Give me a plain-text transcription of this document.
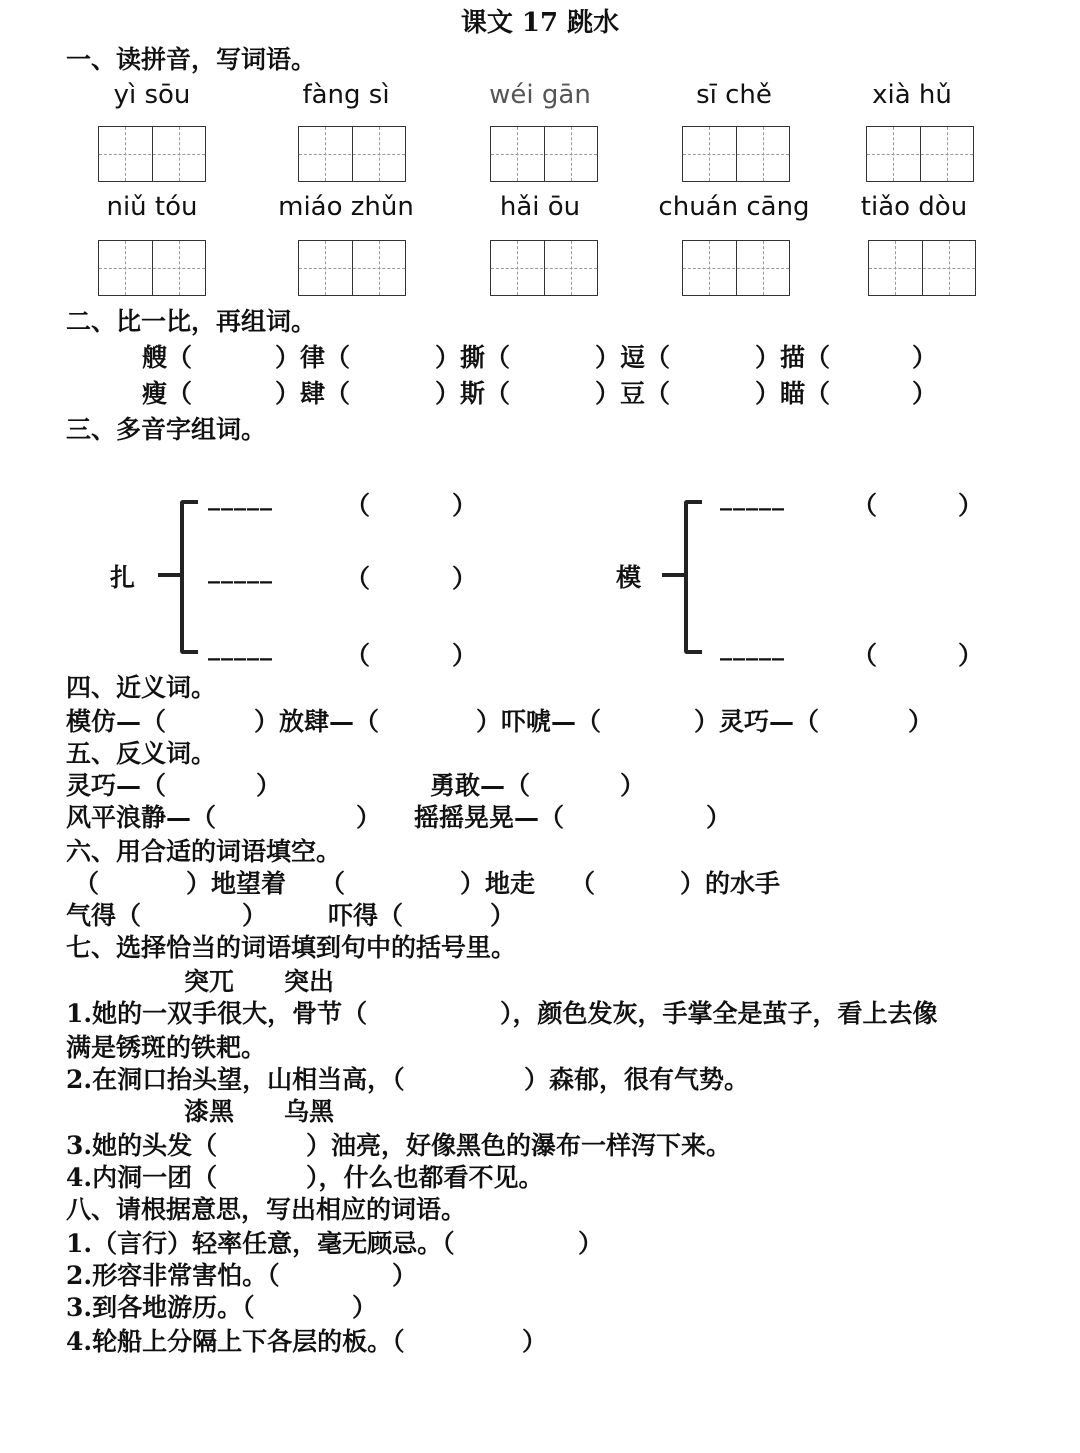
课文 17 跳水
一、读拼音，写词语。
yì sōu	fàng sì	wéi gān	sī chě	xià hǔ
niǔ tóu	miáo zhǔn	hǎi ōu	chuán cāng	tiǎo dòu
二、比一比，再组词。
艘（	）律（	）撕（	）逗（	）描（	）
瘦（	）肆（	）斯（	）豆（	）瞄（	）
三、多音字组词。
扎
_____	（	）
_____	（	）
_____	（	）
模
_____	（	）
_____	（	）
四、近义词。
模仿—（	）放肆—（	）吓唬—（	）灵巧—（	）
五、反义词。
灵巧—（	）	勇敢—（	）
风平浪静—（	） 摇摇晃晃—（	）
六、用合适的词语填空。
（	）地望着 （	）地走 （	）的水手
气得（	） 吓得（	）
七、选择恰当的词语填到句中的括号里。
突兀　　突出
1.她的一双手很大，骨节（	），颜色发灰，手掌全是茧子，看上去像
满是锈斑的铁耙。
2.在洞口抬头望，山相当高，（	）森郁，很有气势。
漆黑　　乌黑
3.她的头发（	）油亮，好像黑色的瀑布一样泻下来。
4.内洞一团（	），什么也都看不见。
八、请根据意思，写出相应的词语。
1.（言行）轻率任意，毫无顾忌。（	）
2.形容非常害怕。（	）
3.到各地游历。（	）
4.轮船上分隔上下各层的板。（	）
